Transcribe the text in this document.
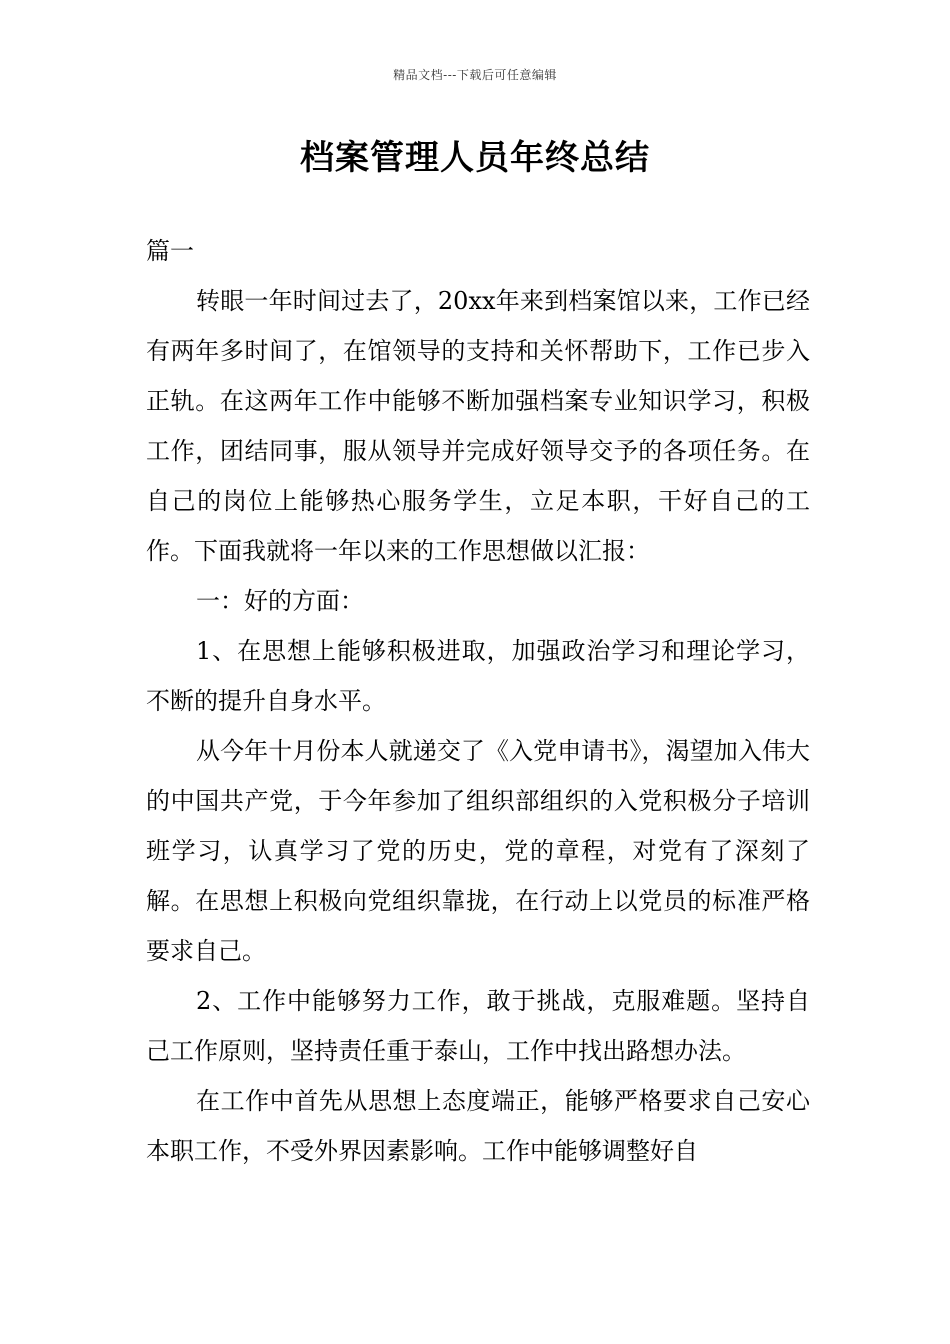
精品文档---下载后可任意编辑
档案管理人员年终总结

篇一

转眼一年时间过去了，20xx年来到档案馆以来，工作已经有两年多时间了，在馆领导的支持和关怀帮助下，工作已步入正轨。在这两年工作中能够不断加强档案专业知识学习，积极工作，团结同事，服从领导并完成好领导交予的各项任务。在自己的岗位上能够热心服务学生，立足本职，干好自己的工作。下面我就将一年以来的工作思想做以汇报：

一：好的方面：

1、在思想上能够积极进取，加强政治学习和理论学习，不断的提升自身水平。

从今年十月份本人就递交了《入党申请书》，渴望加入伟大的中国共产党，于今年参加了组织部组织的入党积极分子培训班学习，认真学习了党的历史，党的章程，对党有了深刻了解。在思想上积极向党组织靠拢，在行动上以党员的标准严格要求自己。

2、工作中能够努力工作，敢于挑战，克服难题。坚持自己工作原则，坚持责任重于泰山，工作中找出路想办法。

在工作中首先从思想上态度端正，能够严格要求自己安心本职工作，不受外界因素影响。工作中能够调整好自
